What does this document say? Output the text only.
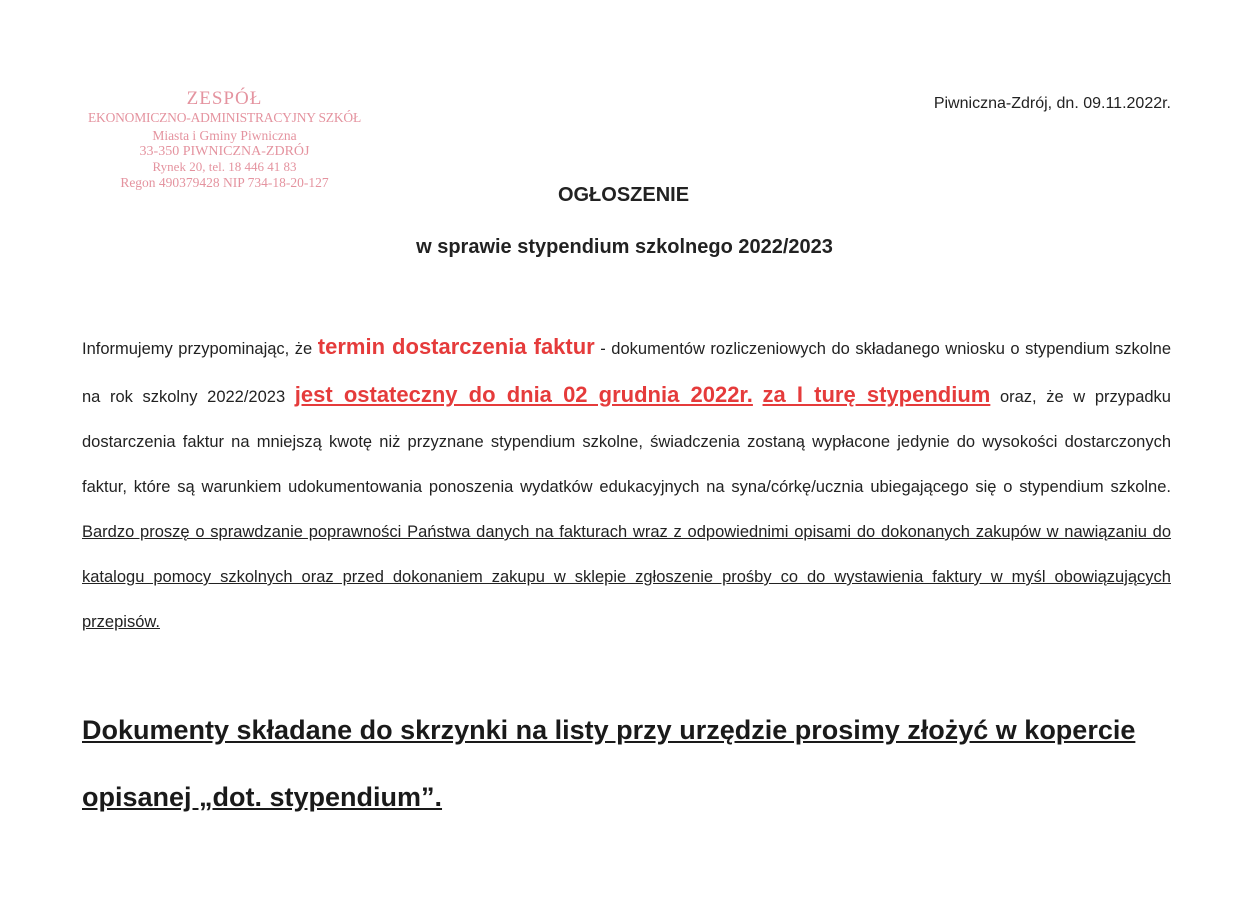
ZESPÓŁ
EKONOMICZNO-ADMINISTRACYJNY SZKÓŁ
Miasta i Gminy Piwniczna
33-350 PIWNICZNA-ZDRÓJ
Rynek 20, tel. 18 446 41 83
Regon 490379428 NIP 734-18-20-127
Piwniczna-Zdrój, dn. 09.11.2022r.
OGŁOSZENIE
w sprawie stypendium szkolnego 2022/2023
Informujemy przypominając, że termin dostarczenia faktur - dokumentów rozliczeniowych do składanego wniosku o stypendium szkolne na rok szkolny 2022/2023 jest ostateczny do dnia 02 grudnia 2022r. za I turę stypendium oraz, że w przypadku dostarczenia faktur na mniejszą kwotę niż przyznane stypendium szkolne, świadczenia zostaną wypłacone jedynie do wysokości dostarczonych faktur, które są warunkiem udokumentowania ponoszenia wydatków edukacyjnych na syna/córkę/ucznia ubiegającego się o stypendium szkolne. Bardzo proszę o sprawdzanie poprawności Państwa danych na fakturach wraz z odpowiednimi opisami do dokonanych zakupów w nawiązaniu do katalogu pomocy szkolnych oraz przed dokonaniem zakupu w sklepie zgłoszenie prośby co do wystawienia faktury w myśl obowiązujących przepisów.
Dokumenty składane do skrzynki na listy przy urzędzie prosimy złożyć w kopercie opisanej „dot. stypendium”.
